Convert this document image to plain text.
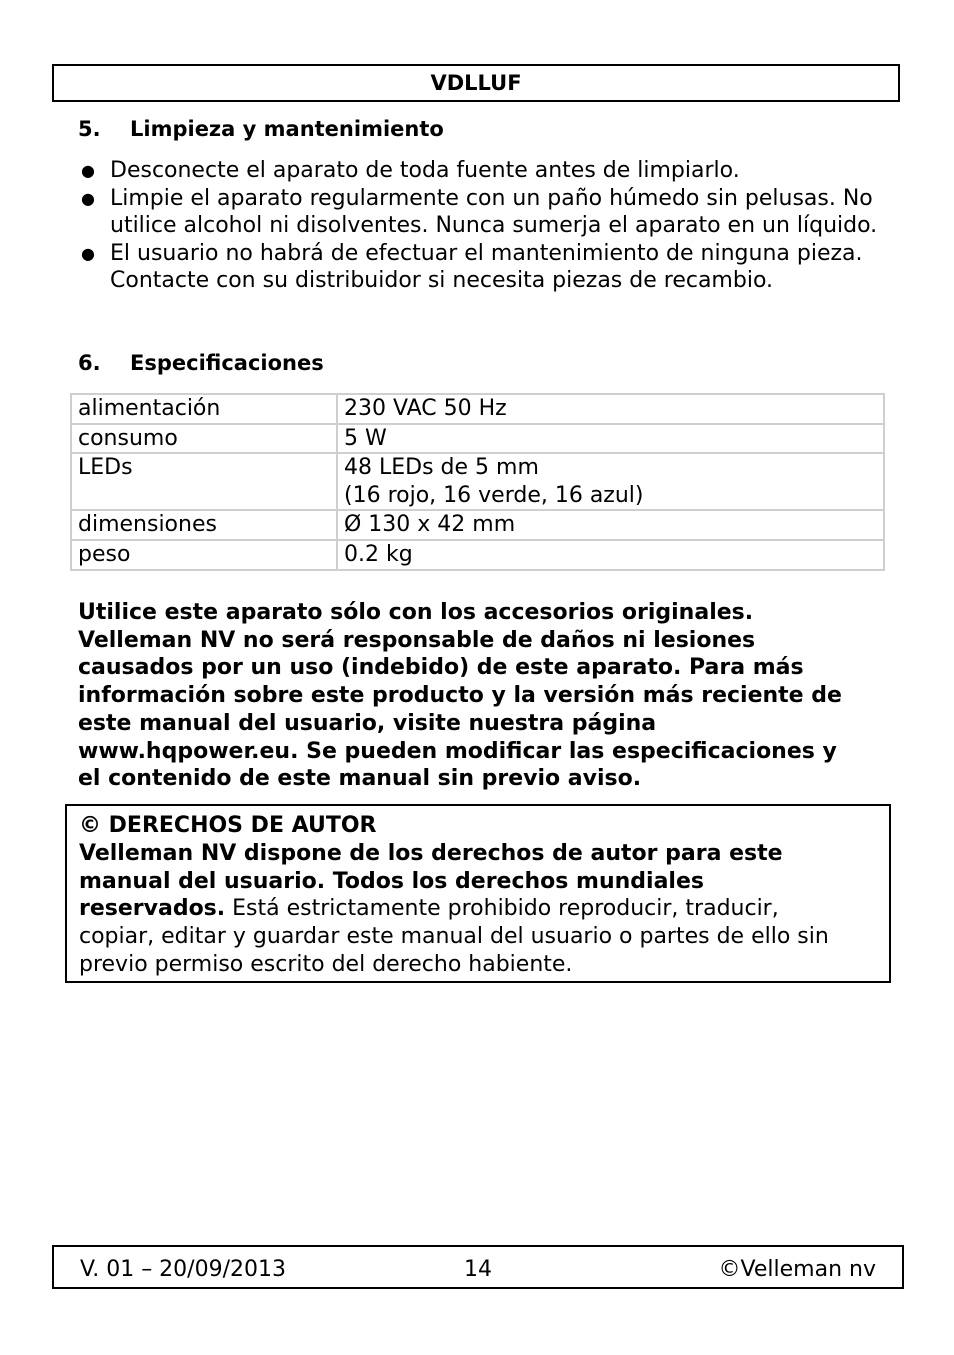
VDLLUF
5. Limpieza y mantenimiento
● Desconecte el aparato de toda fuente antes de limpiarlo.
● Limpie el aparato regularmente con un paño húmedo sin pelusas. No utilice alcohol ni disolventes. Nunca sumerja el aparato en un líquido.
● El usuario no habrá de efectuar el mantenimiento de ninguna pieza. Contacte con su distribuidor si necesita piezas de recambio.
6. Especificaciones
alimentación	230 VAC 50 Hz
consumo	5 W
LEDs	48 LEDs de 5 mm
(16 rojo, 16 verde, 16 azul)

dimensiones	Ø 130 x 42 mm
peso	0.2 kg
Utilice este aparato sólo con los accesorios originales.
Velleman NV no será responsable de daños ni lesiones
causados por un uso (indebido) de este aparato. Para más
información sobre este producto y la versión más reciente de
este manual del usuario, visite nuestra página
www.hqpower.eu. Se pueden modificar las especificaciones y
el contenido de este manual sin previo aviso.
© DERECHOS DE AUTOR
Velleman NV dispone de los derechos de autor para este
manual del usuario. Todos los derechos mundiales
reservados. Está estrictamente prohibido reproducir, traducir,
copiar, editar y guardar este manual del usuario o partes de ello sin
previo permiso escrito del derecho habiente.
V. 01 – 20/09/2013	14	©Velleman nv
